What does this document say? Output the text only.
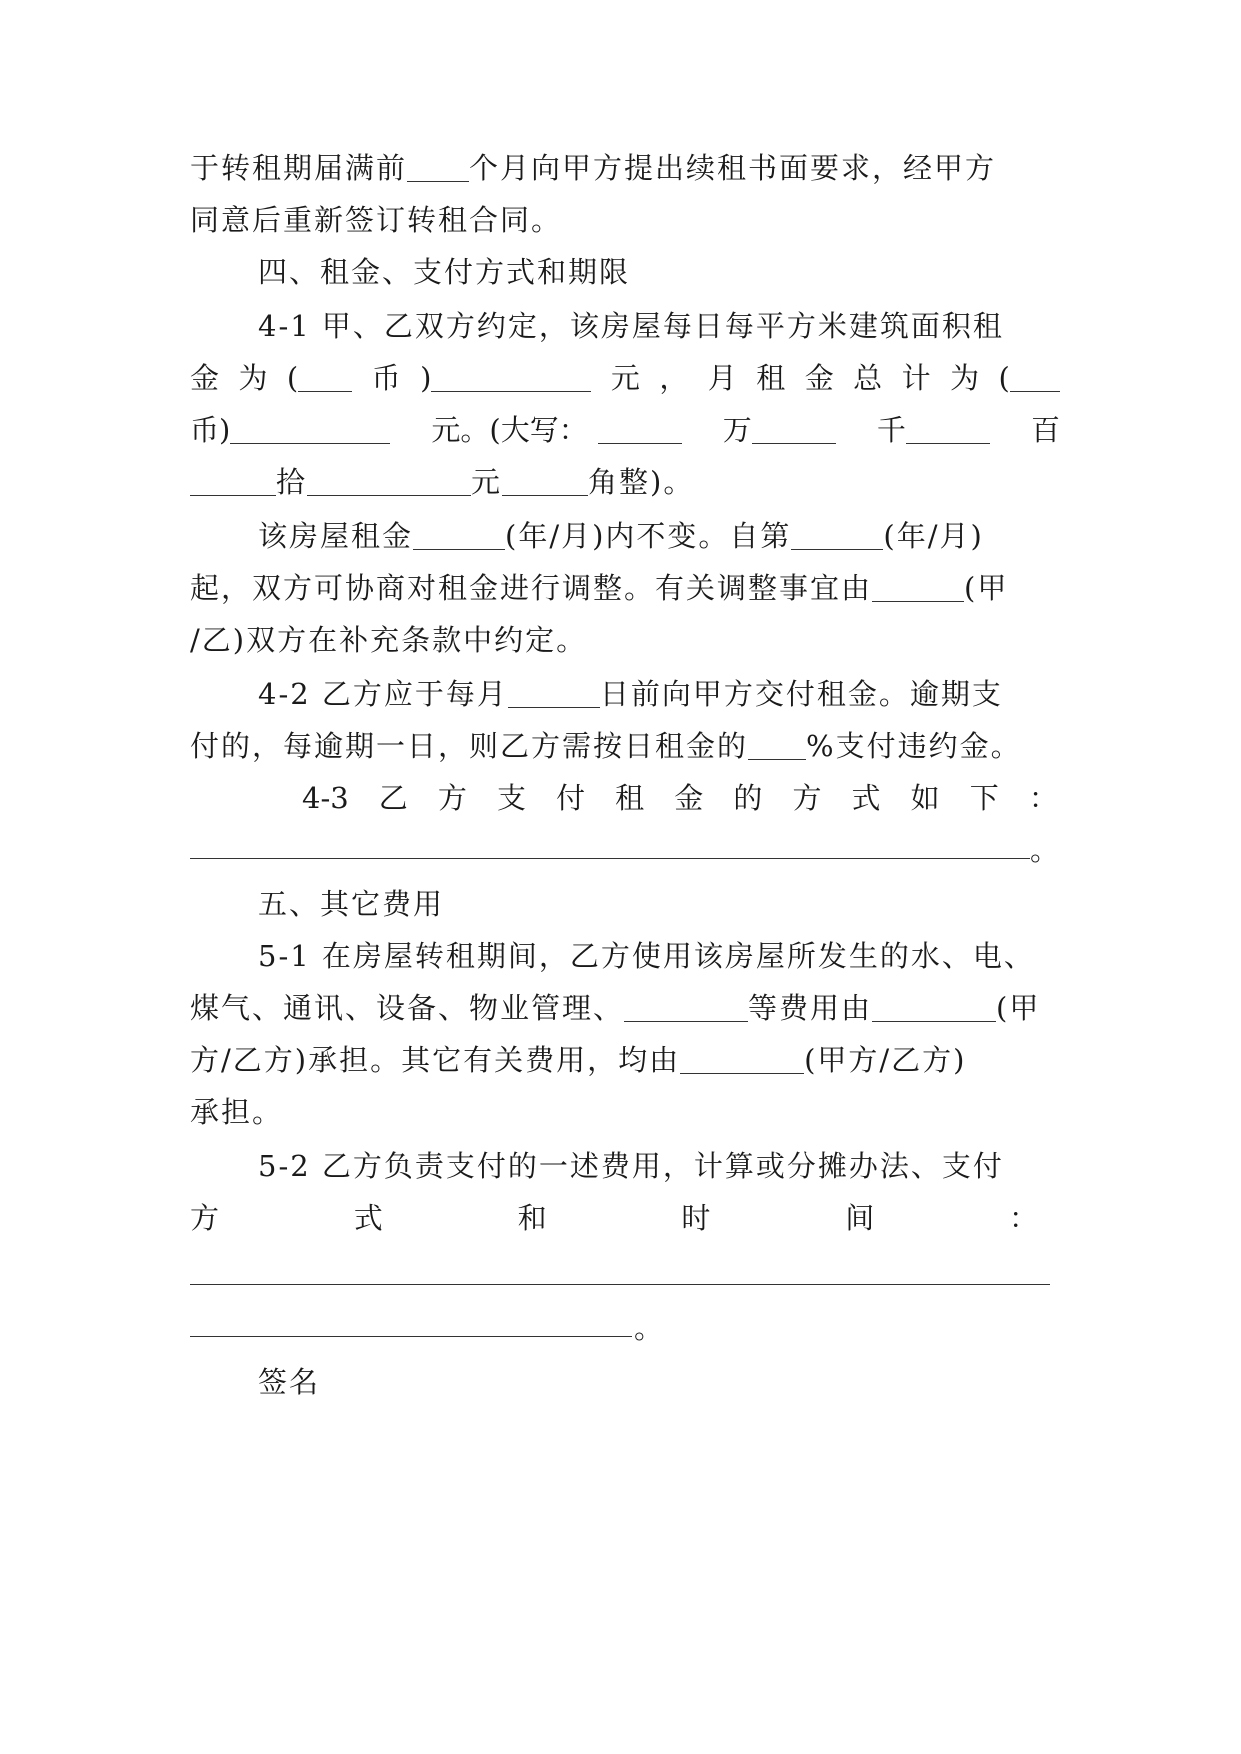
于转租期届满前 个月向甲方提出续租书面要求，经甲方
同意后重新签订转租合同。
四、租金、支付方式和期限
4-1 甲、乙双方约定，该房屋每日每平方米建筑面积租
金 为 (	币 )	元 ， 月 租 金 总 计 为 (
币)	元。(大写：	万	千	百
拾	元	角整)。
该房屋租金	(年/月)内不变。自第	(年/月)
起，双方可协商对租金进行调整。有关调整事宜由	(甲
/乙)双方在补充条款中约定。
4-2 乙方应于每月	日前向甲方交付租金。逾期支
付的，每逾期一日，则乙方需按日租金的 %支付违约金。
4-3 乙 方 支 付 租 金 的 方 式 如 下 ：
。
五、其它费用
5-1 在房屋转租期间，乙方使用该房屋所发生的水、电、
煤气、通讯、设备、物业管理、	等费用由	(甲
方/乙方)承担。其它有关费用，均由	(甲方/乙方)
承担。
5-2 乙方负责支付的一述费用，计算或分摊办法、支付
方	式	和	时	间	：
。
签名
